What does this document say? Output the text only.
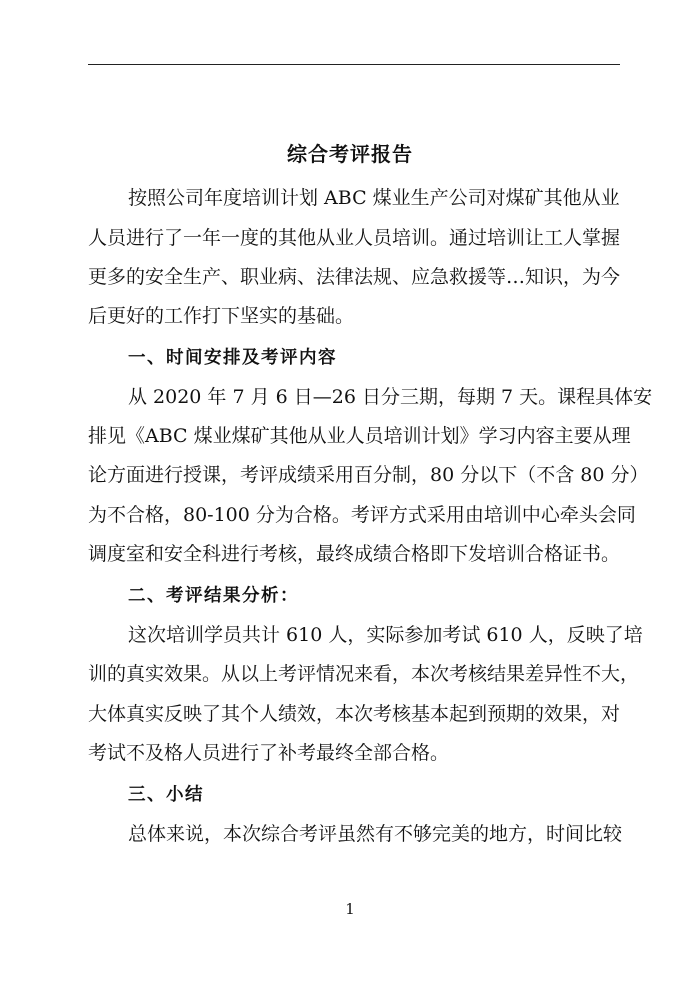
综合考评报告
按照公司年度培训计划 ABC 煤业生产公司对煤矿其他从业
人员进行了一年一度的其他从业人员培训。通过培训让工人掌握
更多的安全生产、职业病、法律法规、应急救援等…知识，为今
后更好的工作打下坚实的基础。
一、时间安排及考评内容
从 2020 年 7 月 6 日—26 日分三期，每期 7 天。课程具体安
排见《ABC 煤业煤矿其他从业人员培训计划》学习内容主要从理
论方面进行授课，考评成绩采用百分制，80 分以下（不含 80 分）
为不合格，80-100 分为合格。考评方式采用由培训中心牵头会同
调度室和安全科进行考核，最终成绩合格即下发培训合格证书。
二、考评结果分析：
这次培训学员共计 610 人，实际参加考试 610 人，反映了培
训的真实效果。从以上考评情况来看，本次考核结果差异性不大，
大体真实反映了其个人绩效，本次考核基本起到预期的效果，对
考试不及格人员进行了补考最终全部合格。
三、小结
总体来说，本次综合考评虽然有不够完美的地方，时间比较
1
